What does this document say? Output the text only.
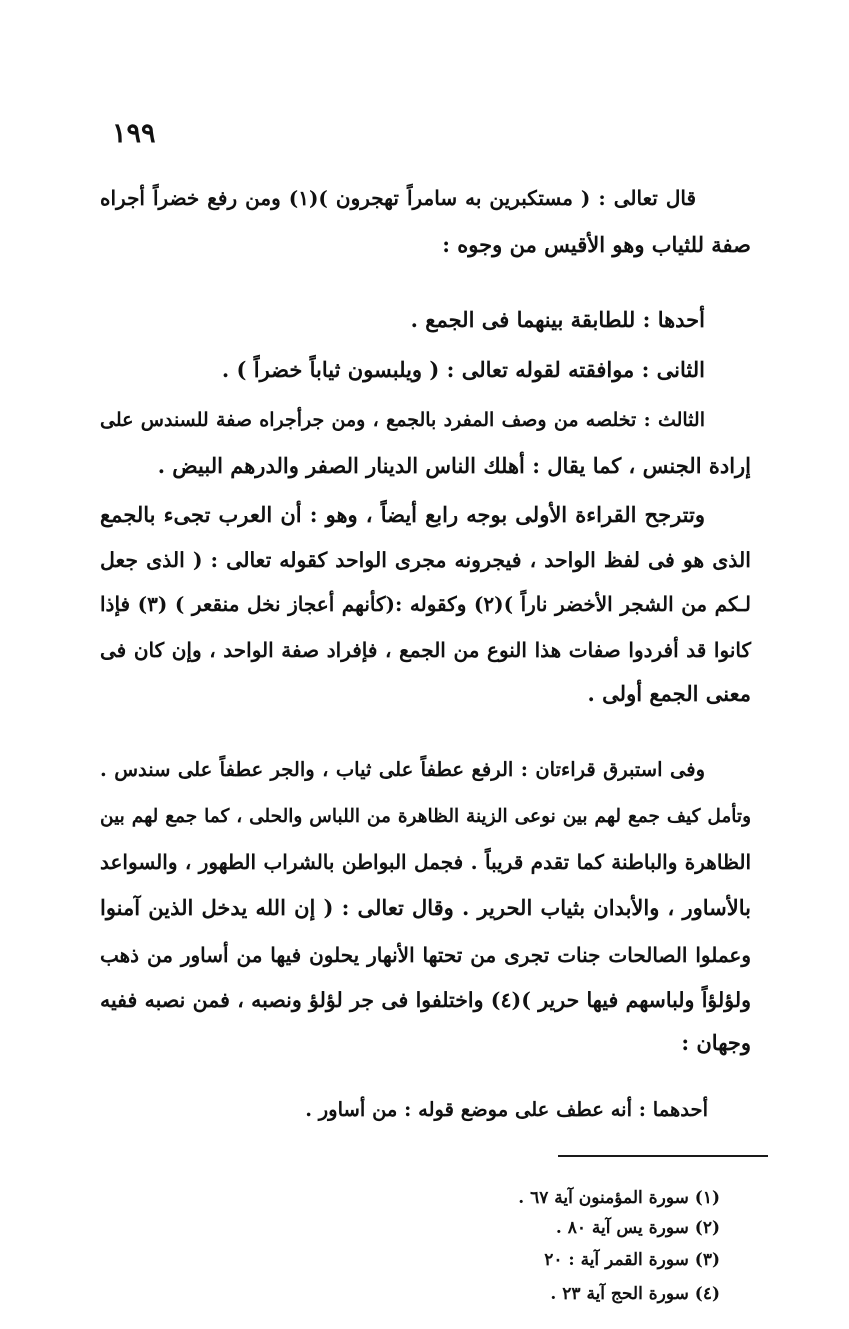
١٩٩
قال تعالى : ( مستكبرين به سامراً تهجرون )(١) ومن رفع خضراً أجراه
صفة للثياب وهو الأقيس من وجوه :
أحدها : للطابقة بينهما فى الجمع .
الثانى : موافقته لقوله تعالى : ( ويلبسون ثياباً خضراً ) .
الثالث : تخلصه من وصف المفرد بالجمع ، ومن جرأجراه صفة للسندس على
إرادة الجنس ، كما يقال : أهلك الناس الدينار الصفر والدرهم البيض .
وتترجح القراءة الأولى بوجه رابع أيضاً ، وهو : أن العرب تجىء بالجمع
الذى هو فى لفظ الواحد ، فيجرونه مجرى الواحد كقوله تعالى : ( الذى جعل
لـكم من الشجر الأخضر ناراً )(٢) وكقوله :(كأنهم أعجاز نخل منقعر ) (٣) فإذا
كانوا قد أفردوا صفات هذا النوع من الجمع ، فإفراد صفة الواحد ، وإن كان فى
معنى الجمع أولى .
وفى استبرق قراءتان : الرفع عطفاً على ثياب ، والجر عطفاً على سندس .
وتأمل كيف جمع لهم بين نوعى الزينة الظاهرة من اللباس والحلى ، كما جمع لهم بين
الظاهرة والباطنة كما تقدم قريباً . فجمل البواطن بالشراب الطهور ، والسواعد
بالأساور ، والأبدان بثياب الحرير . وقال تعالى : ( إن الله يدخل الذين آمنوا
وعملوا الصالحات جنات تجرى من تحتها الأنهار يحلون فيها من أساور من ذهب
ولؤلؤاً ولباسهم فيها حرير )(٤) واختلفوا فى جر لؤلؤ ونصبه ، فمن نصبه ففيه
وجهان :
أحدهما : أنه عطف على موضع قوله : من أساور .
(١) سورة المؤمنون آية ٦٧ .
(٢) سورة يس آية ٨٠ .
(٣) سورة القمر آية : ٢٠
(٤) سورة الحج آية ٢٣ .
